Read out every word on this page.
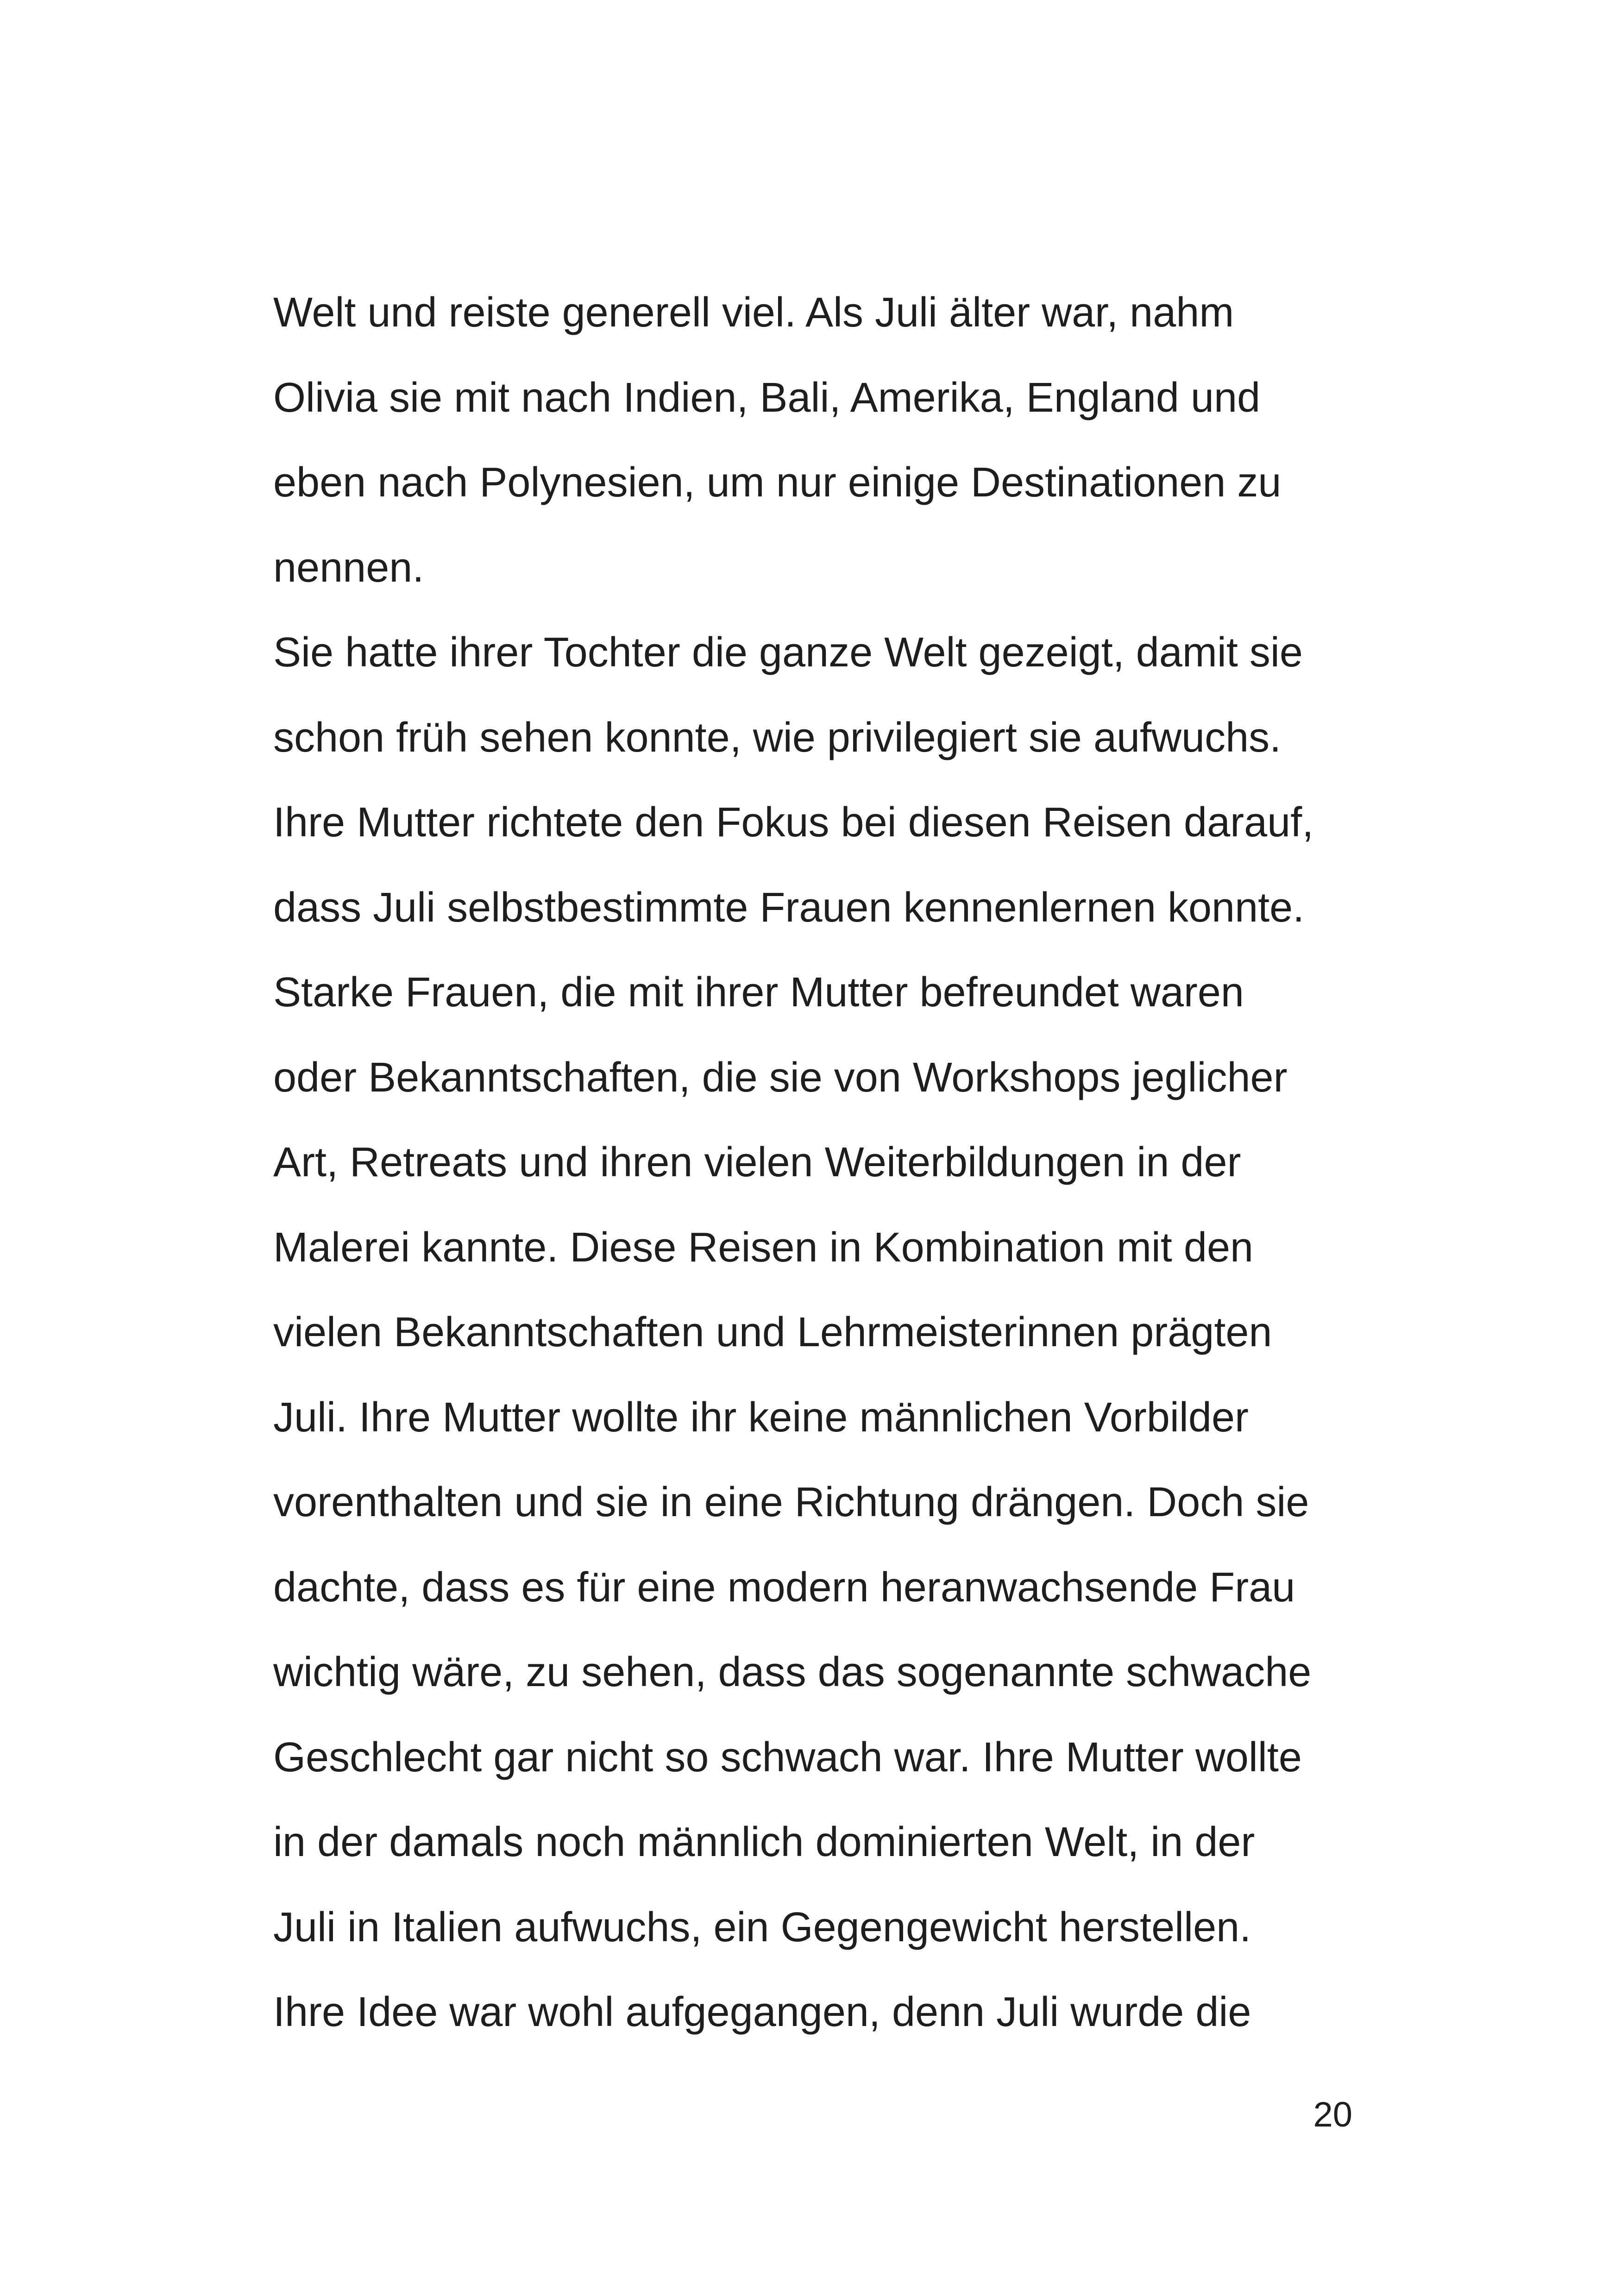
Welt und reiste generell viel. Als Juli älter war, nahm
Olivia sie mit nach Indien, Bali, Amerika, England und
eben nach Polynesien, um nur einige Destinationen zu
nennen.
Sie hatte ihrer Tochter die ganze Welt gezeigt, damit sie
schon früh sehen konnte, wie privilegiert sie aufwuchs.
Ihre Mutter richtete den Fokus bei diesen Reisen darauf,
dass Juli selbstbestimmte Frauen kennenlernen konnte.
Starke Frauen, die mit ihrer Mutter befreundet waren
oder Bekanntschaften, die sie von Workshops jeglicher
Art, Retreats und ihren vielen Weiterbildungen in der
Malerei kannte. Diese Reisen in Kombination mit den
vielen Bekanntschaften und Lehrmeisterinnen prägten
Juli. Ihre Mutter wollte ihr keine männlichen Vorbilder
vorenthalten und sie in eine Richtung drängen. Doch sie
dachte, dass es für eine modern heranwachsende Frau
wichtig wäre, zu sehen, dass das sogenannte schwache
Geschlecht gar nicht so schwach war. Ihre Mutter wollte
in der damals noch männlich dominierten Welt, in der
Juli in Italien aufwuchs, ein Gegengewicht herstellen.
Ihre Idee war wohl aufgegangen, denn Juli wurde die
20
